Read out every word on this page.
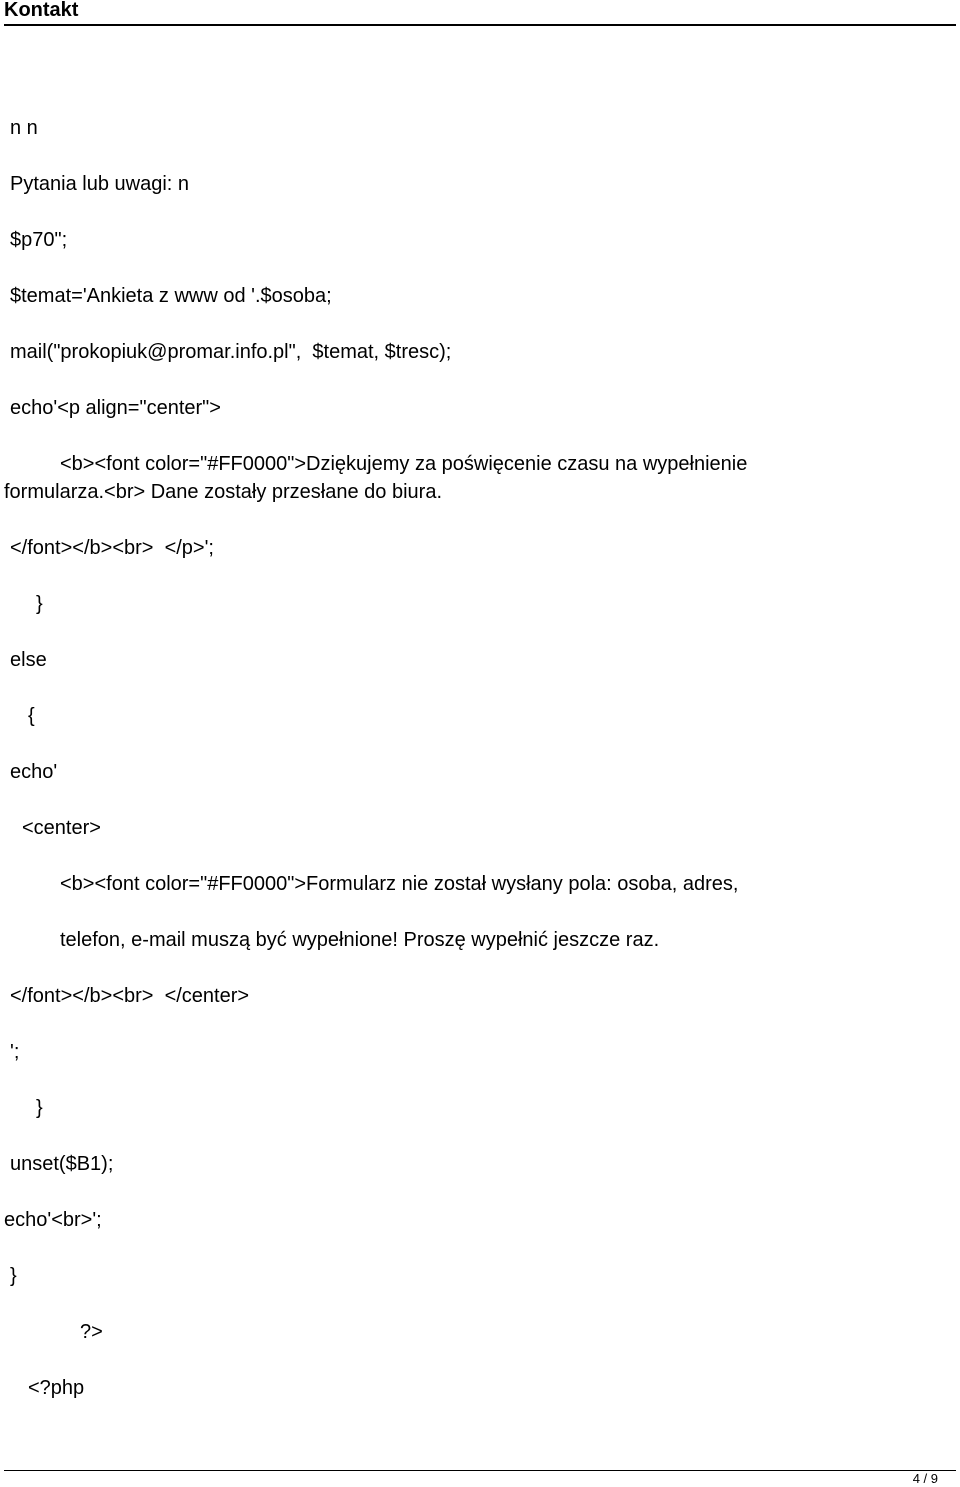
Kontakt
n n
Pytania lub uwagi: n
$p70";
$temat='Ankieta z www od '.$osoba;
mail("prokopiuk@promar.info.pl",  $temat, $tresc);
echo'<p align="center">
<b><font color="#FF0000">Dziękujemy za poświęcenie czasu na wypełnienie
formularza.<br> Dane zostały przesłane do biura.
</font></b><br>  </p>';
}
else
{
echo'
<center>
<b><font color="#FF0000">Formularz nie został wysłany pola: osoba, adres,
telefon, e-mail muszą być wypełnione! Proszę wypełnić jeszcze raz.
</font></b><br>  </center>
';
}
unset($B1);
echo'<br>';
}
?>
<?php
4 / 9
